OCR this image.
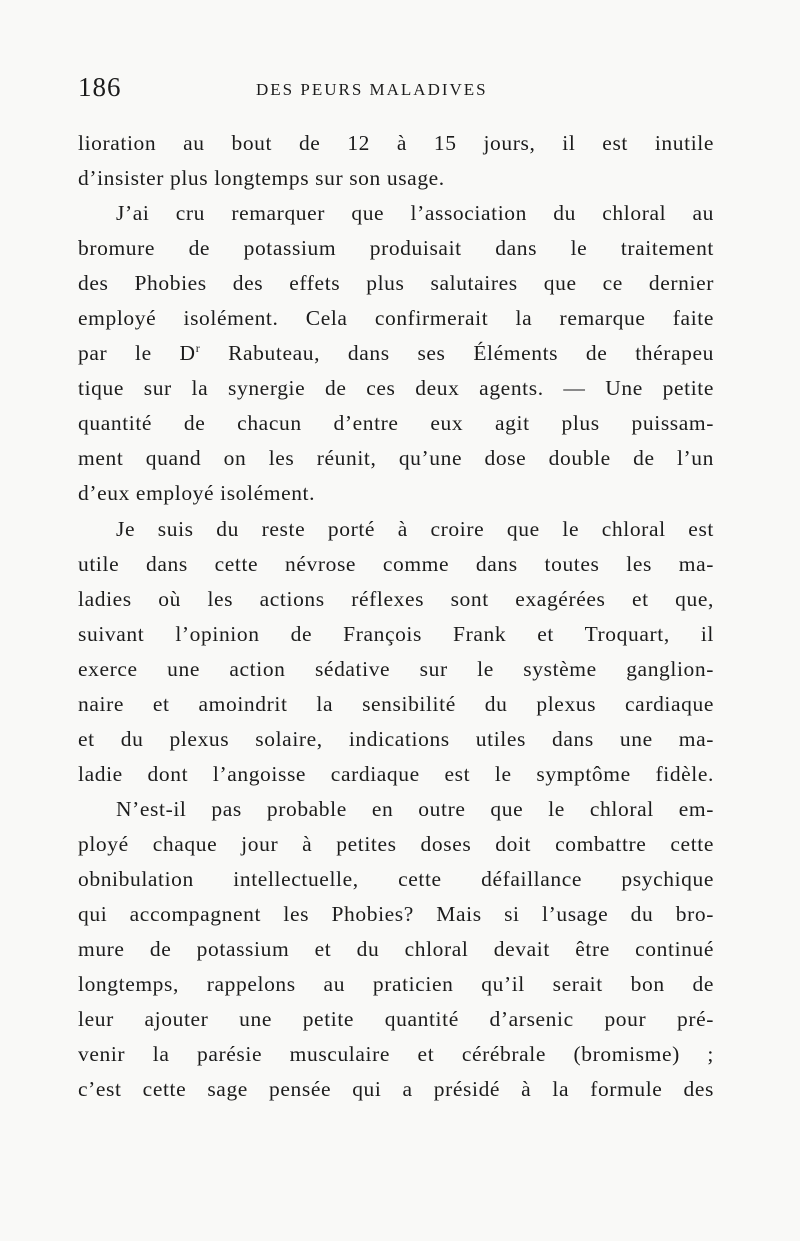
186	DES PEURS MALADIVES
lioration au bout de 12 à 15 jours, il est inutile
d’insister plus longtemps sur son usage.
J’ai cru remarquer que l’association du chloral au
bromure de potassium produisait dans le traitement
des Phobies des effets plus salutaires que ce dernier
employé isolément. Cela confirmerait la remarque faite
par le $D^r$ Rabuteau, dans ses Éléments de thérapeu
tique sur la synergie de ces deux agents. — Une petite
quantité de chacun d’entre eux agit plus puissam-
ment quand on les réunit, qu’une dose double de l’un
d’eux employé isolément.
Je suis du reste porté à croire que le chloral est
utile dans cette névrose comme dans toutes les ma-
ladies où les actions réflexes sont exagérées et que,
suivant l’opinion de François Frank et Troquart, il
exerce une action sédative sur le système ganglion-
naire et amoindrit la sensibilité du plexus cardiaque
et du plexus solaire, indications utiles dans une ma-
ladie dont l’angoisse cardiaque est le symptôme fidèle.
N’est-il pas probable en outre que le chloral em-
ployé chaque jour à petites doses doit combattre cette
obnibulation intellectuelle, cette défaillance psychique
qui accompagnent les Phobies? Mais si l’usage du bro-
mure de potassium et du chloral devait être continué
longtemps, rappelons au praticien qu’il serait bon de
leur ajouter une petite quantité d’arsenic pour pré-
venir la parésie musculaire et cérébrale (bromisme) ;
c’est cette sage pensée qui a présidé à la formule des
